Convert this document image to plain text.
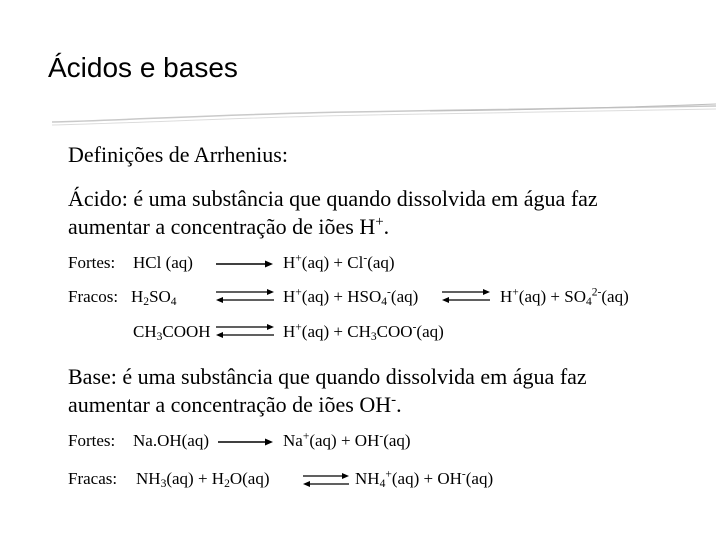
Ácidos e bases
Definições de Arrhenius:
Ácido: é uma substância que quando dissolvida em água faz
aumentar a concentração de iões H+.
Fortes: HCl (aq)	H+(aq) + Cl-(aq)
Fracos: $H_2SO_4$ ⇌ $H^+(aq) + HSO_4^-(aq)$ ⇌ $H^+(aq) + SO_4^{2-}(aq)$
$CH_3COOH$ ⇌ $H^+(aq) + CH_3COO^-(aq)$
Base: é uma substância que quando dissolvida em água faz
aumentar a concentração de iões OH-.
Fortes: Na.OH(aq)	Na+(aq) + OH-(aq)
Fracas: $NH_3(aq) + H_2O(aq)$ ⇌ $NH_4^+(aq) + OH^-(aq)$
